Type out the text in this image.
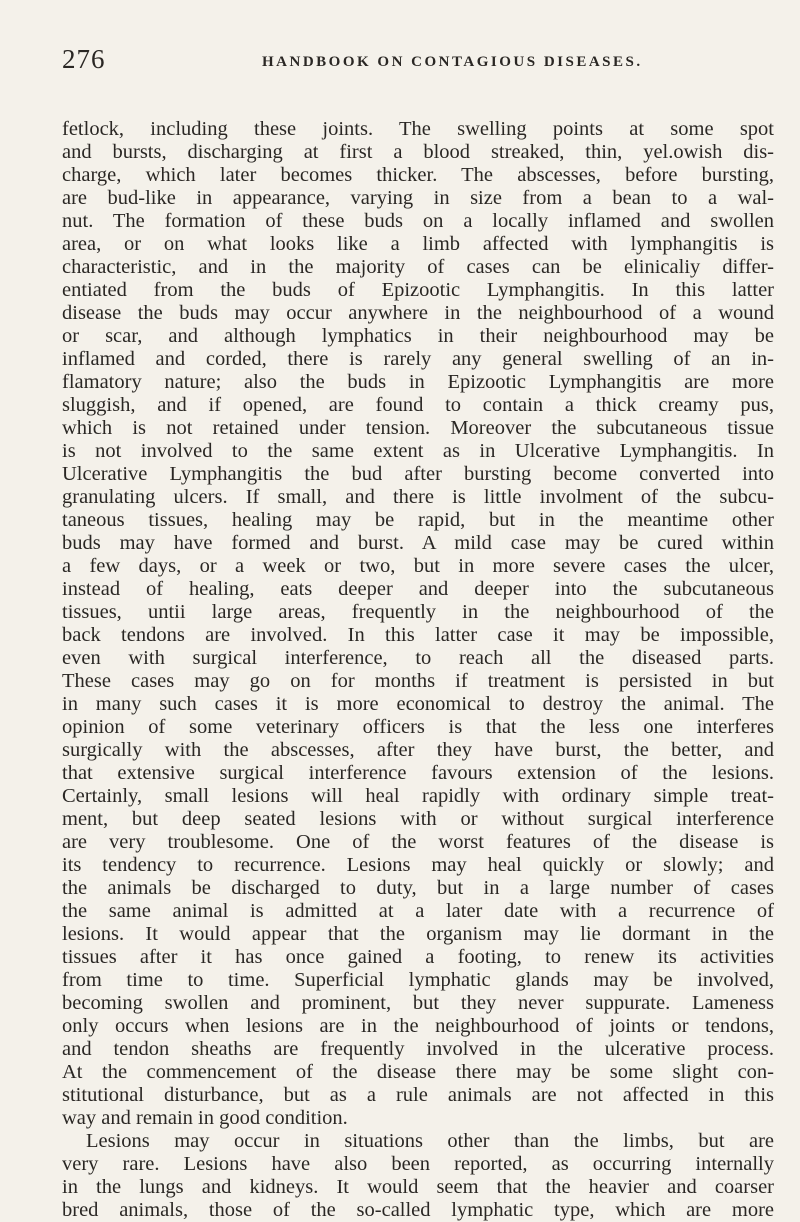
276	HANDBOOK ON CONTAGIOUS DISEASES.
fetlock, including these joints. The swelling points at some spot
and bursts, discharging at first a blood streaked, thin, yel.owish dis-
charge, which later becomes thicker. The abscesses, before bursting,
are bud-like in appearance, varying in size from a bean to a wal-
nut. The formation of these buds on a locally inflamed and swollen
area, or on what looks like a limb affected with lymphangitis is
characteristic, and in the majority of cases can be elinicaliy differ-
entiated from the buds of Epizootic Lymphangitis. In this latter
disease the buds may occur anywhere in the neighbourhood of a wound
or scar, and although lymphatics in their neighbourhood may be
inflamed and corded, there is rarely any general swelling of an in-
flamatory nature; also the buds in Epizootic Lymphangitis are more
sluggish, and if opened, are found to contain a thick creamy pus,
which is not retained under tension. Moreover the subcutaneous tissue
is not involved to the same extent as in Ulcerative Lymphangitis. In
Ulcerative Lymphangitis the bud after bursting become converted into
granulating ulcers. If small, and there is little involment of the subcu-
taneous tissues, healing may be rapid, but in the meantime other
buds may have formed and burst. A mild case may be cured within
a few days, or a week or two, but in more severe cases the ulcer,
instead of healing, eats deeper and deeper into the subcutaneous
tissues, untii large areas, frequently in the neighbourhood of the
back tendons are involved. In this latter case it may be impossible,
even with surgical interference, to reach all the diseased parts.
These cases may go on for months if treatment is persisted in but
in many such cases it is more economical to destroy the animal. The
opinion of some veterinary officers is that the less one interferes
surgically with the abscesses, after they have burst, the better, and
that extensive surgical interference favours extension of the lesions.
Certainly, small lesions will heal rapidly with ordinary simple treat-
ment, but deep seated lesions with or without surgical interference
are very troublesome. One of the worst features of the disease is
its tendency to recurrence. Lesions may heal quickly or slowly; and
the animals be discharged to duty, but in a large number of cases
the same animal is admitted at a later date with a recurrence of
lesions. It would appear that the organism may lie dormant in the
tissues after it has once gained a footing, to renew its activities
from time to time. Superficial lymphatic glands may be involved,
becoming swollen and prominent, but they never suppurate. Lameness
only occurs when lesions are in the neighbourhood of joints or tendons,
and tendon sheaths are frequently involved in the ulcerative process.
At the commencement of the disease there may be some slight con-
stitutional disturbance, but as a rule animals are not affected in this
way and remain in good condition.
Lesions may occur in situations other than the limbs, but are
very rare. Lesions have also been reported, as occurring internally
in the lungs and kidneys. It would seem that the heavier and coarser
bred animals, those of the so-called lymphatic type, which are more
